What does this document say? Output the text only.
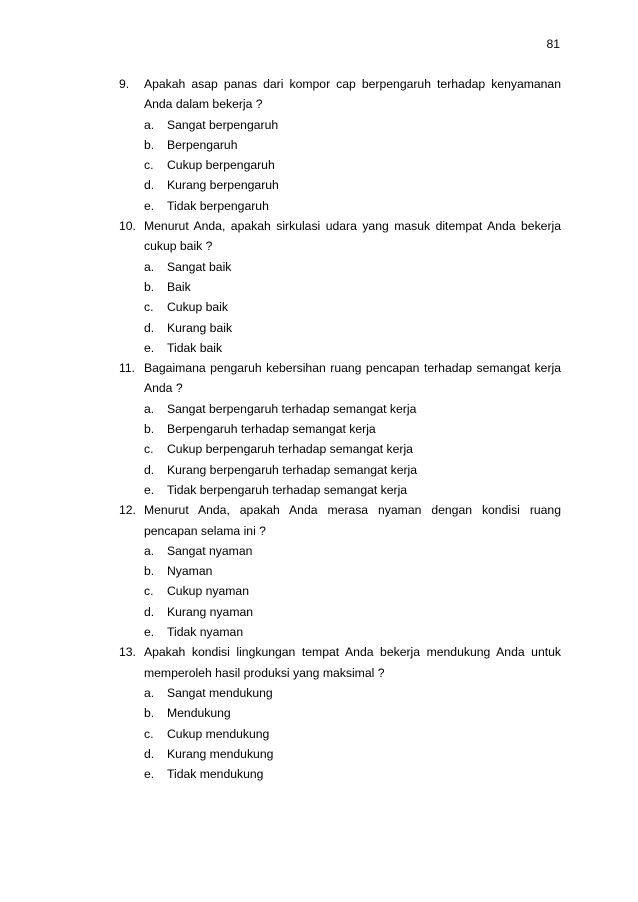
81
9.	Apakah asap panas dari kompor cap berpengaruh terhadap kenyamanan Anda dalam bekerja ?
a.	Sangat berpengaruh
b.	Berpengaruh
c.	Cukup berpengaruh
d.	Kurang berpengaruh
e.	Tidak berpengaruh
10. Menurut Anda, apakah sirkulasi udara yang masuk ditempat Anda bekerja cukup baik ?
a.	Sangat baik
b.	Baik
c.	Cukup baik
d.	Kurang baik
e.	Tidak baik
11. Bagaimana pengaruh kebersihan ruang pencapan terhadap semangat kerja Anda ?
a.	Sangat berpengaruh terhadap semangat kerja
b.	Berpengaruh terhadap semangat kerja
c.	Cukup berpengaruh terhadap semangat kerja
d.	Kurang berpengaruh terhadap semangat kerja
e.	Tidak berpengaruh terhadap semangat kerja
12. Menurut Anda, apakah Anda merasa nyaman dengan kondisi ruang pencapan selama ini ?
a.	Sangat nyaman
b.	Nyaman
c.	Cukup nyaman
d.	Kurang nyaman
e.	Tidak nyaman
13. Apakah kondisi lingkungan tempat Anda bekerja mendukung Anda untuk memperoleh hasil produksi yang maksimal ?
a.	Sangat mendukung
b.	Mendukung
c.	Cukup mendukung
d.	Kurang mendukung
e.	Tidak mendukung
